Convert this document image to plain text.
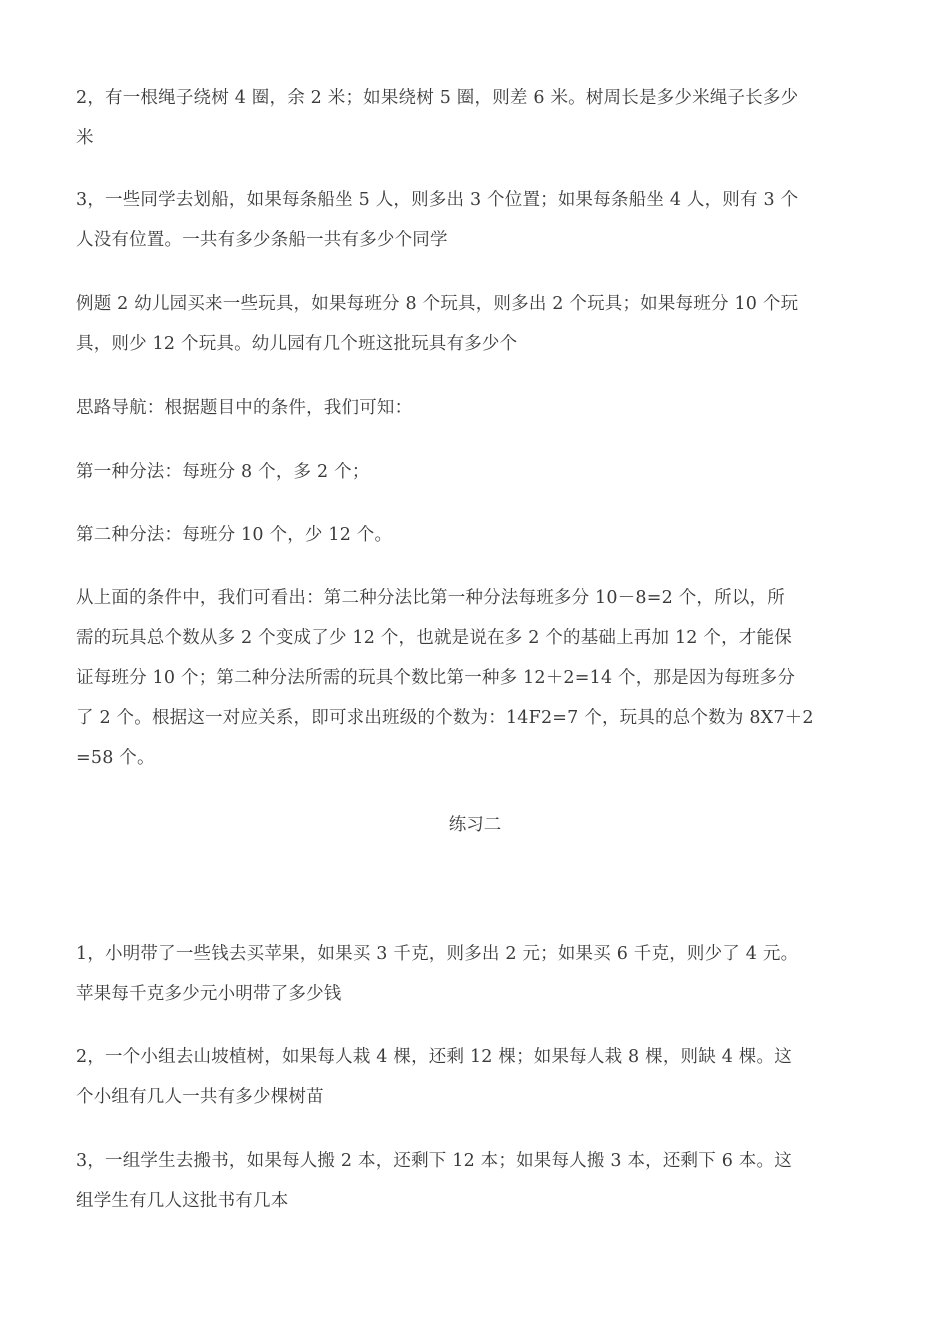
2，有一根绳子绕树 4 圈，余 2 米；如果绕树 5 圈，则差 6 米。树周长是多少米绳子长多少
米
3，一些同学去划船，如果每条船坐 5 人，则多出 3 个位置；如果每条船坐 4 人，则有 3 个
人没有位置。一共有多少条船一共有多少个同学
例题 2 幼儿园买来一些玩具，如果每班分 8 个玩具，则多出 2 个玩具；如果每班分 10 个玩
具，则少 12 个玩具。幼儿园有几个班这批玩具有多少个
思路导航：根据题目中的条件，我们可知：
第一种分法：每班分 8 个，多 2 个；
第二种分法：每班分 10 个，少 12 个。
从上面的条件中，我们可看出：第二种分法比第一种分法每班多分 10－8=2 个，所以，所
需的玩具总个数从多 2 个变成了少 12 个，也就是说在多 2 个的基础上再加 12 个，才能保
证每班分 10 个；第二种分法所需的玩具个数比第一种多 12＋2=14 个，那是因为每班多分
了 2 个。根据这一对应关系，即可求出班级的个数为：14F2=7 个，玩具的总个数为 8X7＋2
=58 个。
练习二
1，小明带了一些钱去买苹果，如果买 3 千克，则多出 2 元；如果买 6 千克，则少了 4 元。
苹果每千克多少元小明带了多少钱
2，一个小组去山坡植树，如果每人栽 4 棵，还剩 12 棵；如果每人栽 8 棵，则缺 4 棵。这
个小组有几人一共有多少棵树苗
3，一组学生去搬书，如果每人搬 2 本，还剩下 12 本；如果每人搬 3 本，还剩下 6 本。这
组学生有几人这批书有几本
